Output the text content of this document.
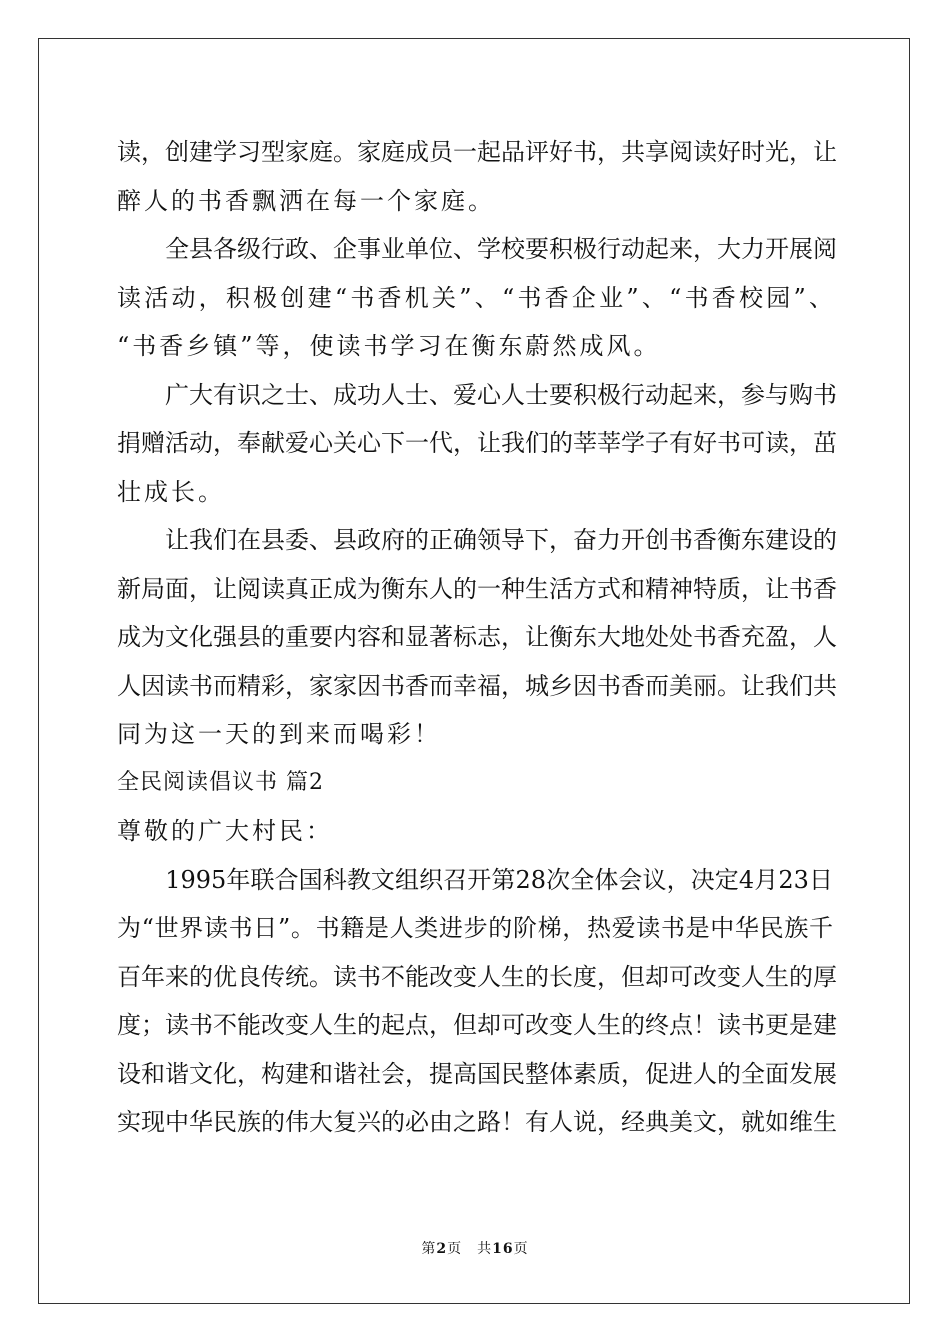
读，创建学习型家庭。家庭成员一起品评好书，共享阅读好时光，让
醉人的书香飘洒在每一个家庭。
　　全县各级行政、企事业单位、学校要积极行动起来，大力开展阅
读活动，积极创建“书香机关”、“书香企业”、“书香校园”、
“书香乡镇”等，使读书学习在衡东蔚然成风。
　　广大有识之士、成功人士、爱心人士要积极行动起来，参与购书
捐赠活动，奉献爱心关心下一代，让我们的莘莘学子有好书可读，茁
壮成长。
　　让我们在县委、县政府的正确领导下，奋力开创书香衡东建设的
新局面，让阅读真正成为衡东人的一种生活方式和精神特质，让书香
成为文化强县的重要内容和显著标志，让衡东大地处处书香充盈，人
人因读书而精彩，家家因书香而幸福，城乡因书香而美丽。让我们共
同为这一天的到来而喝彩！
全民阅读倡议书 篇2
尊敬的广大村民：
　　1995年联合国科教文组织召开第28次全体会议，决定4月23日
为“世界读书日”。书籍是人类进步的阶梯，热爱读书是中华民族千
百年来的优良传统。读书不能改变人生的长度，但却可改变人生的厚
度；读书不能改变人生的起点，但却可改变人生的终点！读书更是建
设和谐文化，构建和谐社会，提高国民整体素质，促进人的全面发展
实现中华民族的伟大复兴的必由之路！有人说，经典美文，就如维生
第2页　共16页
